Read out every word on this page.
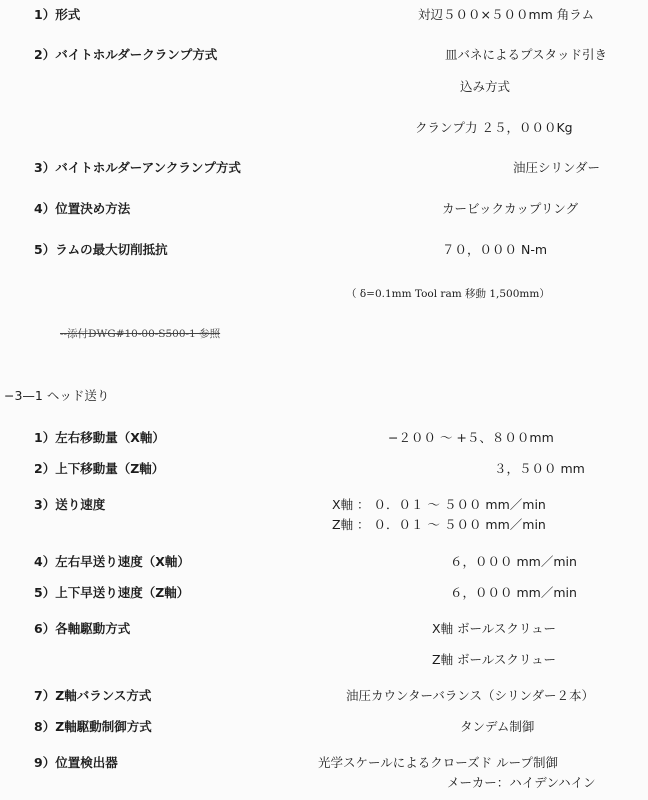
1）形式	対辺５００×５００mm 角ラム
2）バイトホルダークランプ方式	皿バネによるプスタッド引き
込み方式
クランプ力 ２５，０００Kg
3）バイトホルダーアンクランプ方式	油圧シリンダー
4）位置決め方法	カービックカップリング
5）ラムの最大切削抵抗	７０，０００ N-m
（ δ=0.1mm Tool ram 移動 1,500mm）
--添付DWG#10-00-S500-1 参照
−3—1 ヘッド送り
1）左右移動量（X軸）	−２００ ～ +５、８００mm
2）上下移動量（Z軸）	３，５００ mm
3）送り速度	X軸 ： ０．０１ ～ ５００ mm／min
Z軸 ： ０．０１ ～ ５００ mm／min
4）左右早送り速度（X軸）	６，０００ mm／min
5）上下早送り速度（Z軸）	６，０００ mm／min
6）各軸駆動方式	X軸 ボールスクリュー
Z軸 ボールスクリュー
7）Z軸バランス方式	油圧カウンターバランス（シリンダー２本）
8）Z軸駆動制御方式	タンデム制御
9）位置検出器	光学スケールによるクローズド ループ制御
メーカー：ハイデンハイン
